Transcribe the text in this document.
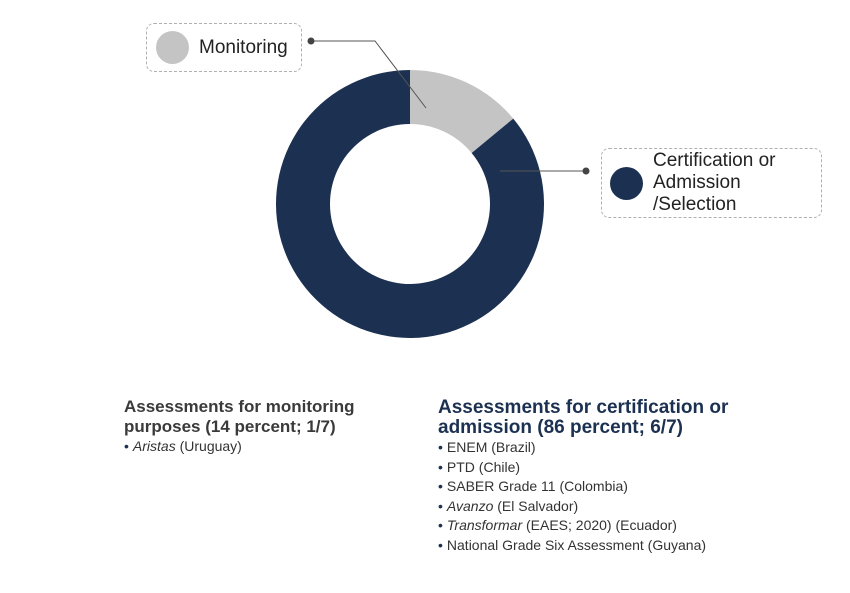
Monitoring
Certification or
Admission
/Selection
Assessments for monitoring purposes (14 percent; 1/7)
• Aristas (Uruguay)
Assessments for certification or admission (86 percent; 6/7)
• ENEM (Brazil)
• PTD (Chile)
• SABER Grade 11 (Colombia)
• Avanzo (El Salvador)
• Transformar (EAES; 2020) (Ecuador)
• National Grade Six Assessment (Guyana)
